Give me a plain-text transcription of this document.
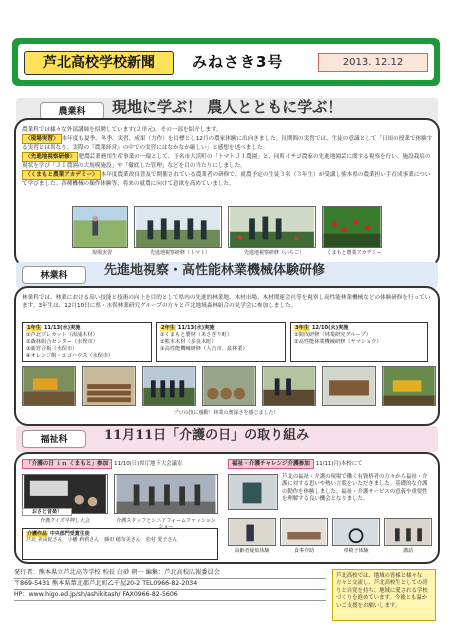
芦北高校学校新聞	みねさき3号	2013. 12.12
農業科	現地に学ぶ！ 農人とともに学ぶ！

農業科では様々な外部講師を招聘しています(２単元)。その一部を紹介します。

〈現場実習〉 本年度も夏季、冬季、実習、成果（力作）を目標とし12月の農家体験に出向きました。長期間の実習では、生徒の意識として「日頃の授業で体験する実習とは異なり、実際の『農業経営』の中での実習にはなかなか厳しい」と感想を述べました。

〈先進地視察研修〉 肥農芸業務用生産事業の一環として、玉名市大浜町の「トマトＪＩ農園」と、同町イチゴ農家の先進地園芸に関する視察を行い、施設栽培の現状を学び「ＪＩ農園の大規模施設」や「徹底した管理」などを目の当たりにしました。

〈くまもと農業アカデミー〉 本年度農業改良普及で開催されている農業者の研修で、就農予定の生徒３名（３年生）が受講し熊本県の農業担い手育成事業について学びました。各種機械の操作体験等、将来の就農に向けて意欲を高めていました。

現場実習	先進地視察研修（トマト）	先進地視察研修（いちご）	くまもと農業アカデミー
林業科	先進地視察・高性能林業機械体験研修

林業科では、林業における高い技能と技術の向上を目的として県内の先進的林業地、木材市場、木材関連会社等を視察し高性能林業機械などの体験研修を行っています。3年生は、12月10日に県・水俣林業研究グループの方々と芦北地域森林組合の見学会に参加しました。

1年生 11/13(水)実施
①芦北プレカット（湯浦木材）
②森林組合センター（水俣市）
③新宮合板（水俣市）
④オレンジ館・エコハウス（水俣市）
2年生 11/13(水)実施
①くまもと製材（あさぎり町）
②熊本木材（多良木町）
③高性能機械研修（人吉市、泉林業）
3年生 12/10(火)実施
①間伐研修（林業研究グループ）
②高性能林業機械研修（ヤマショウ）
プロの技に感動！林業の奥深さを感じました！
福祉科	11月11日「介護の日」の取り組み
「介護の日 ｉｎ くまもと」参加 11/10(日)県庁地下大会議室
おさと音楽！
介護クイズ早押し大会	介護スタッフとシニアフォームファッション
介護作品 中央部門受賞生徒
芦北 美由紀さん　 小幡 莉莉さん　 藤田 穂奈美さん　 松村 愛子さん
福祉・介護チャレンジ介護参加 11/11(月)本校にて
芦北の福祉・介護の現場で働く有資格者の方々から福祉・介護に対する思いや熱い言葉をいただきました。基礎的な介護の動作を体験しました。福祉・介護サービスの意義や重要性を理解する良い機会となりました。
高齢者疑似体験	食事介助	車椅子体験	講話
発行者：熊本県立芦北高等学校 校長 白砂 朝一 編集：芦北高校広報委員会
〒869-5431 熊本県葦北郡芦北町乙千屋20-2 TEL0966-82-2034
HP：www.higo.ed.jp/sh/ashikitash/ FAX0966-82-5606
芦北高校では、地域の皆様と様々な方々と交流し、芦北高校生としての誇りと自覚を持ち、地域に愛される学校づくりを進めています。今後とも温かいご支援をお願いします。
